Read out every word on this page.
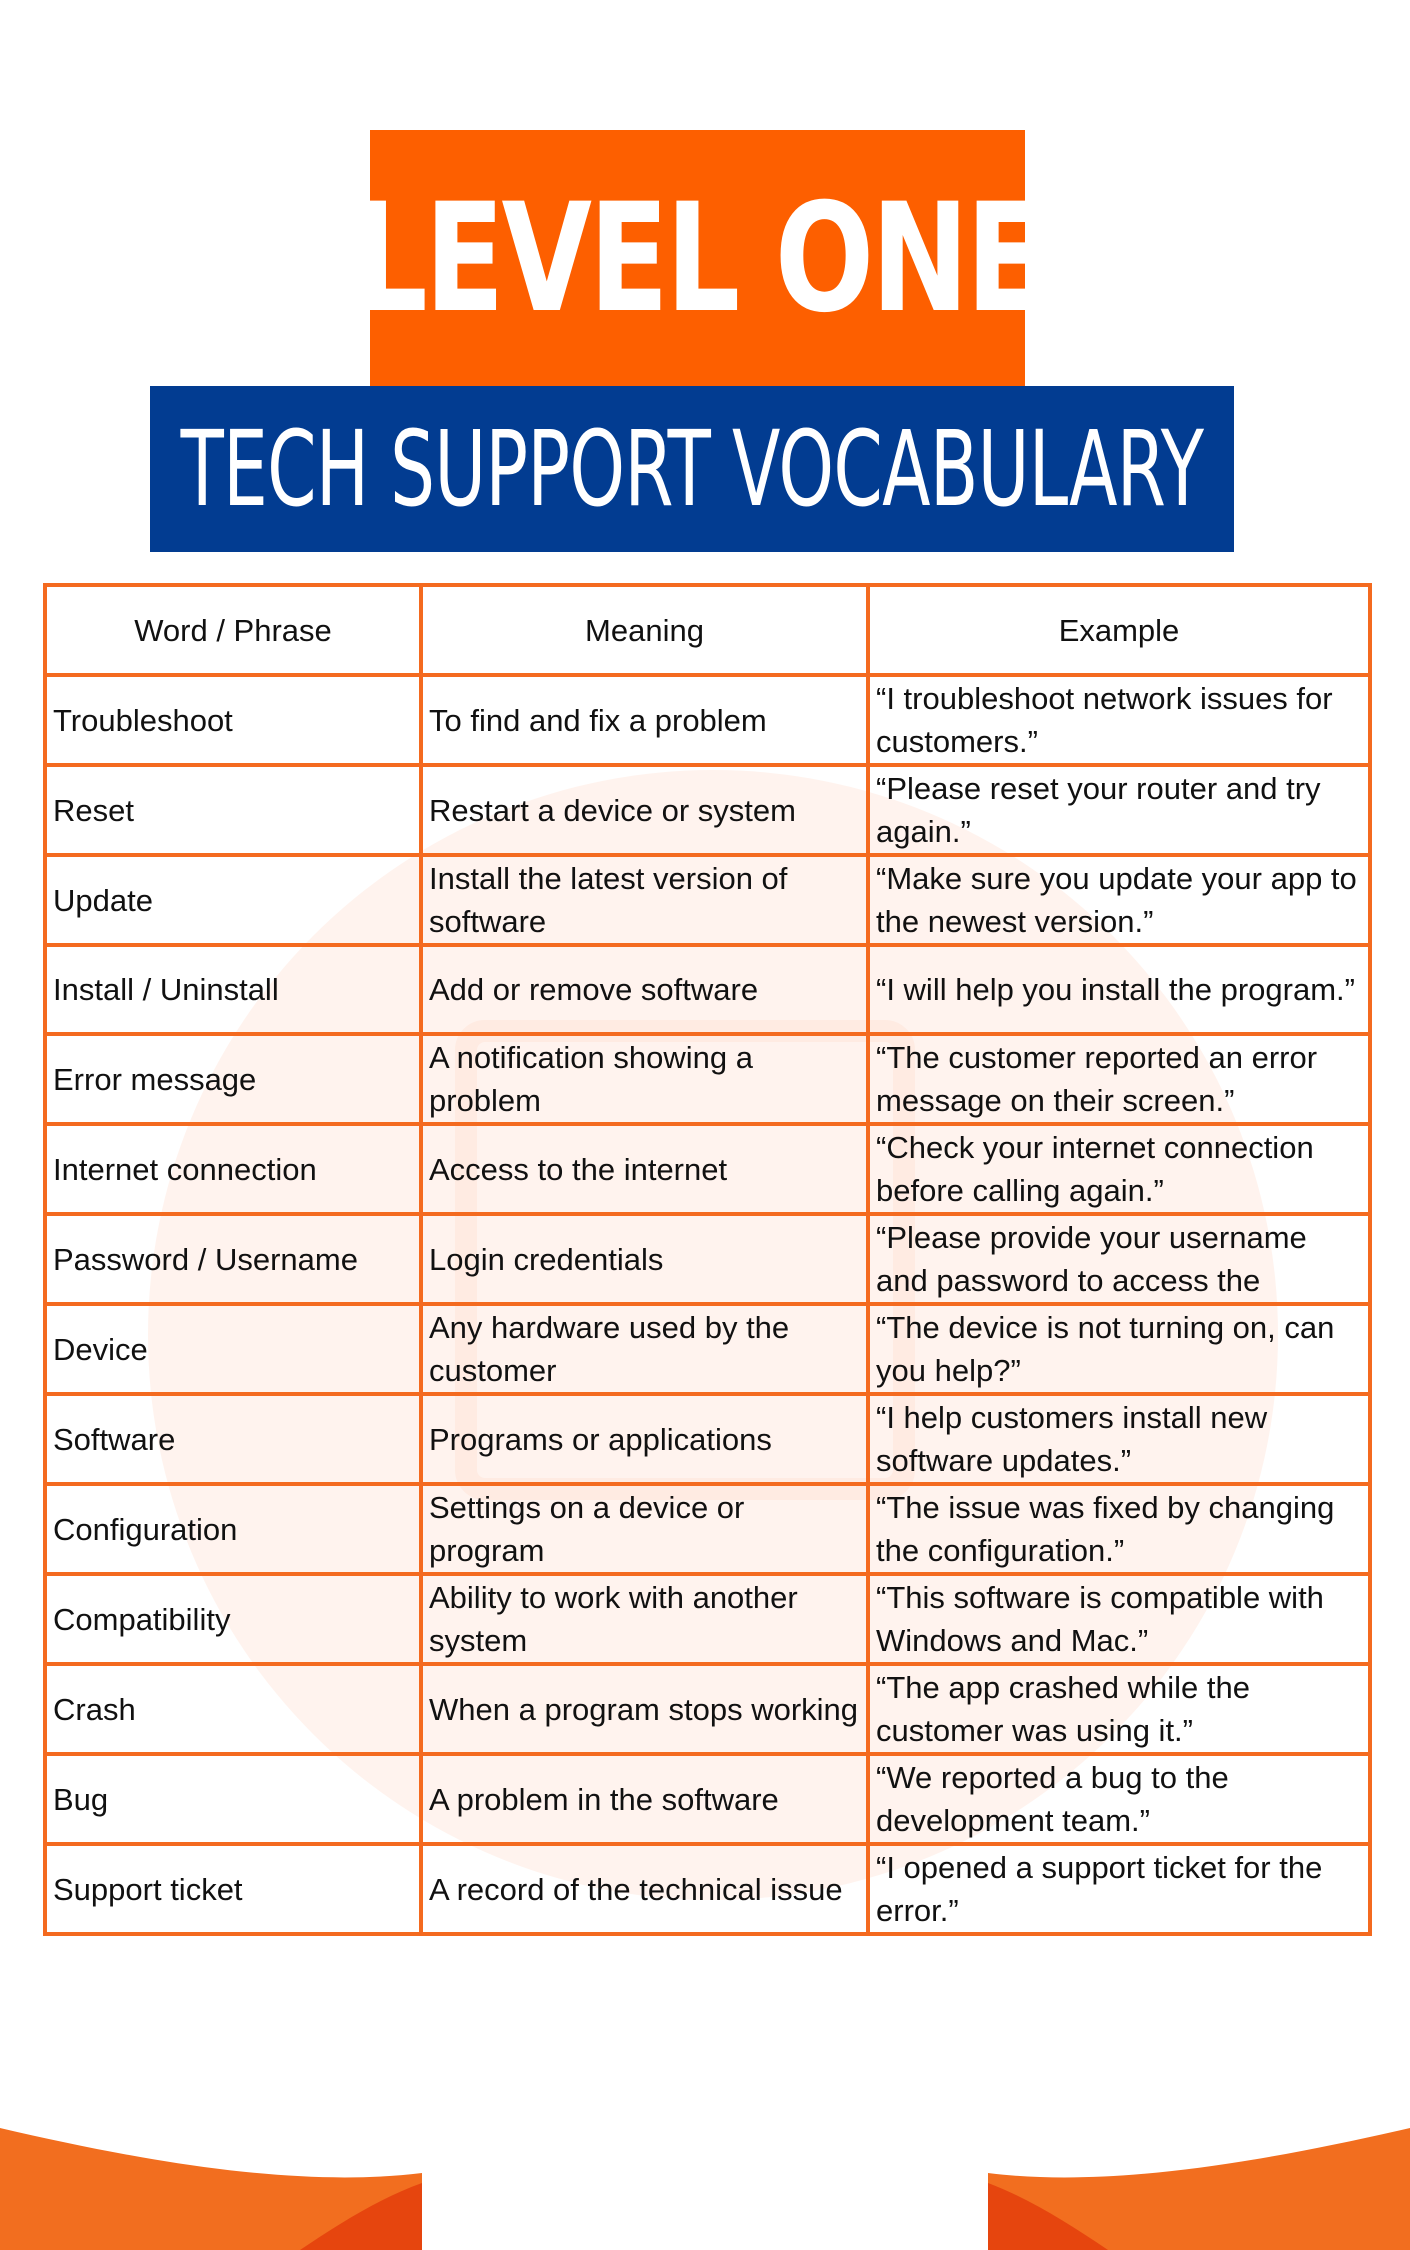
LEVEL ONE
TECH SUPPORT VOCABULARY
Word / Phrase	Meaning	Example

Troubleshoot	To find and fix a problem	“I troubleshoot network issues for customers.”

Reset	Restart a device or system	“Please reset your router and try again.”

Update	Install the latest version of software	“Make sure you update your app to the newest version.”

Install / Uninstall	Add or remove software	“I will help you install the program.”

Error message	A notification showing a problem	“The customer reported an error message on their screen.”

Internet connection	Access to the internet	“Check your internet connection before calling again.”

Password / Username	Login credentials	“Please provide your username and password to access the

Device	Any hardware used by the customer	“The device is not turning on, can you help?”

Software	Programs or applications	“I help customers install new software updates.”

Configuration	Settings on a device or program	“The issue was fixed by changing the configuration.”

Compatibility	Ability to work with another system	“This software is compatible with Windows and Mac.”

Crash	When a program stops working	“The app crashed while the customer was using it.”

Bug	A problem in the software	“We reported a bug to the development team.”

Support ticket	A record of the technical issue	“I opened a support ticket for the error.”
